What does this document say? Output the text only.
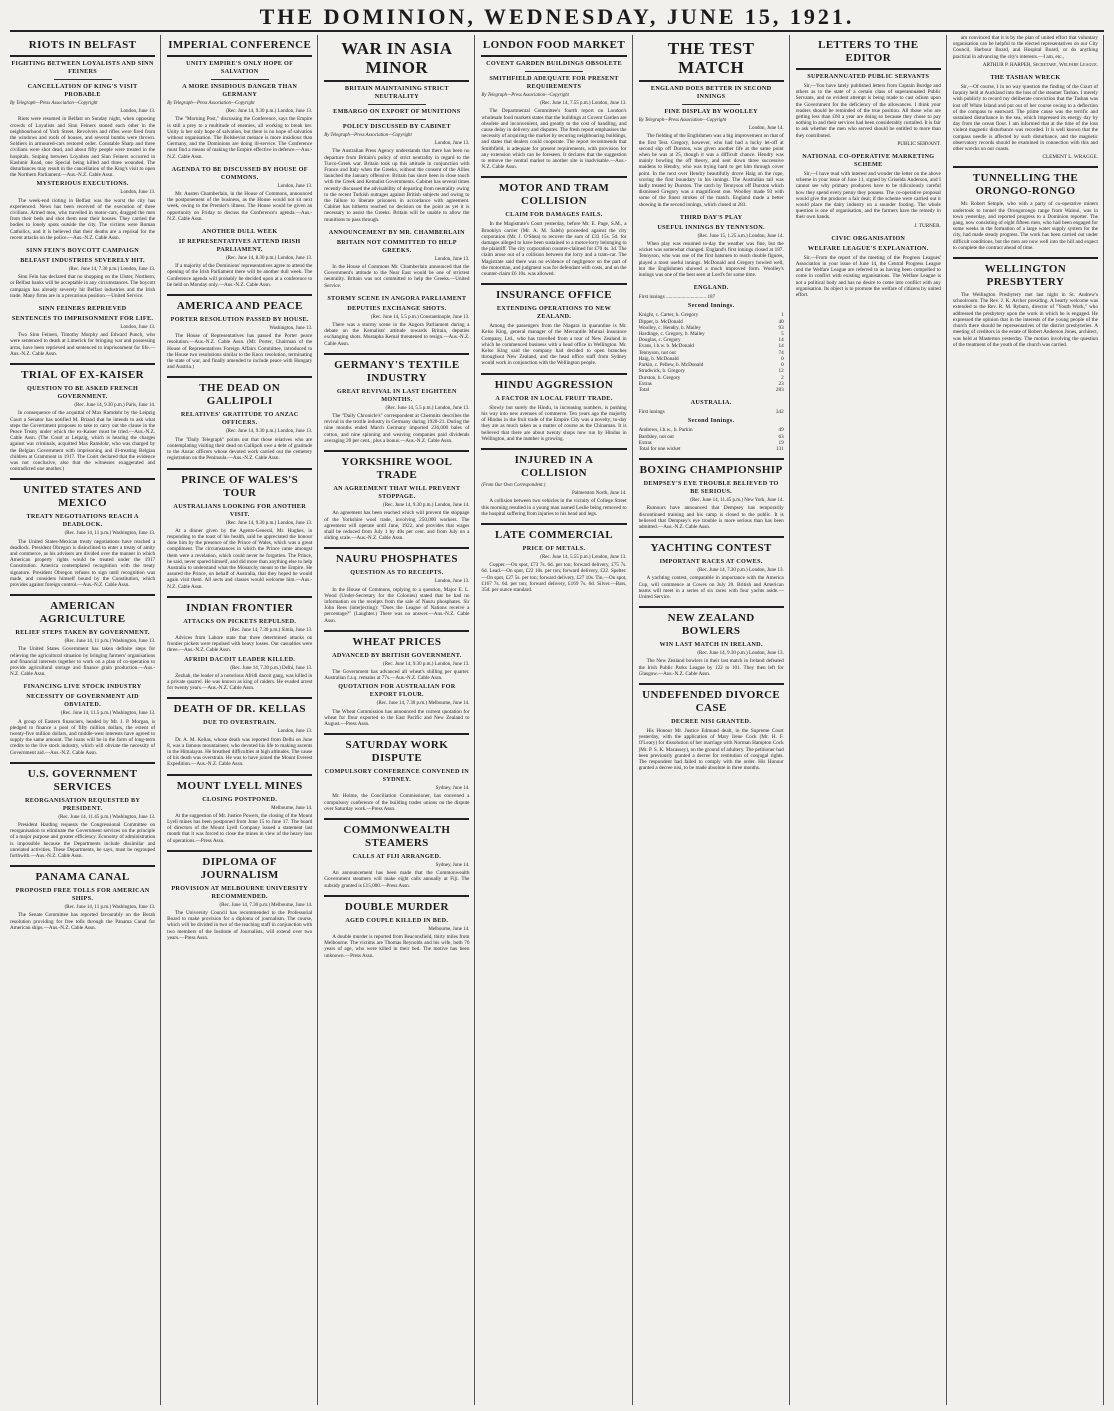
THE DOMINION, WEDNESDAY, JUNE 15, 1921.
RIOTS IN BELFAST
FIGHTING BETWEEN LOYALISTS AND SINN FEINERS
CANCELLATION OF KING'S VISIT PROBABLE
By Telegraph—Press Association—Copyright
London, June 13.

Riots were resumed in Belfast on Sunday night, when opposing crowds of Loyalists and Sinn Feiners stoned each other in the neighbourhood of York Street. Revolvers and rifles were fired from the windows and roofs of houses, and several bombs were thrown. Soldiers in armoured-cars restored order. Constable Sharp and three civilians were shot dead, and about fifty people were treated in the hospitals. Sniping between Loyalists and Sinn Feiners occurred in Kashmir Road, one Special being killed and three wounded. The disturbances may result in the cancellation of the King's visit to open the Northern Parliament.—Aus.-N.Z. Cable Assn.

MYSTERIOUS EXECUTIONS.
London, June 13.

The week-end rioting in Belfast was the worst the city has experienced. News has been received of the execution of three civilians. Armed men, who travelled in motor-cars, dragged the men from their beds and shot them near their houses. They carried the bodies to lonely spots outside the city. The victims were Roman Catholics, and it is believed that their deaths are a reprisal for the recent attacks on the police.—Aus.-N.Z. Cable Assn.

SINN FEIN'S BOYCOTT CAMPAIGN
BELFAST INDUSTRIES SEVERELY HIT.
(Rec. June 14, 7.30 p.m.) London, June 13.

Sinn Fein has declared that no shopping on the Ulster, Northern, or Belfast banks will be acceptable in any circumstances. The boycott campaign has already severely hit Belfast industries and the Irish trade. Many firms are in a precarious position.—United Service.

SINN FEINERS REPRIEVED
SENTENCES TO IMPRISONMENT FOR LIFE.
London, June 13.

Two Sinn Feiners, Timothy Murphy and Edward Punch, who were sentenced to death at Limerick for bringing war and possessing arms, have been reprieved and sentenced to imprisonment for life.—Aus.-N.Z. Cable Assn.

TRIAL OF EX-KAISER
QUESTION TO BE ASKED FRENCH GOVERNMENT.
(Rec. June 14, 9.30 p.m.) Paris, June 14.

In consequence of the acquittal of Max Ramdohr by the Leipzig Court a Senator has notified M. Briand that he intends to ask what steps the Government proposes to take to carry out the clause in the Peace Treaty under which the ex-Kaiser must be tried.—Aus.-N.Z. Cable Assn. (The Court at Leipzig, which is hearing the charges against war criminals, acquitted Max Ramdohr, who was charged by the Belgian Government with imprisoning and ill-treating Belgian children at Grammont in 1917. The Court declared that the evidence was not conclusive, also that the witnesses exaggerated and contradicted one another.)

UNITED STATES AND MEXICO
TREATY NEGOTIATIONS REACH A DEADLOCK.
(Rec. June 14, 11 p.m.) Washington, June 13.

The United States-Mexican treaty negotiations have reached a deadlock. President Obregon is disinclined to enter a treaty of amity and commerce, as his advisers are divided over the manner in which American property rights would be treated under the 1917 Constitution. America contemplated recognition with the treaty signature. President Obregon refuses to sign until recognition was made, and considers himself bound by the Constitution, which provides against foreign control.—Aus.-N.Z. Cable Assn.

AMERICAN AGRICULTURE
RELIEF STEPS TAKEN BY GOVERNMENT.
(Rec. June 14, 11 p.m.) Washington, June 13.

The United States Government has taken definite steps for relieving the agricultural situation by bringing farmers' organisations and financial interests together to work on a plan of co-operation to provide agricultural storage and finance grain production.—Aus.-N.Z. Cable Assn.

FINANCING LIVE STOCK INDUSTRY
NECESSITY OF GOVERNMENT AID OBVIATED.
(Rec. June 14, 11.5 p.m.) Washington, June 13.

A group of Eastern financiers, headed by Mr. J. P. Morgan, is pledged to finance a pool of fifty million dollars, the extent of twenty-five million dollars, and middle-west interests have agreed to supply the same amount. The loans will be in the form of long-term credits to the live stock industry, which will obviate the necessity of Government aid.—Aus.-N.Z. Cable Assn.

U.S. GOVERNMENT SERVICES
REORGANISATION REQUESTED BY PRESIDENT.
(Rec. June 14, 11.45 p.m.) Washington, June 13.

President Harding requests the Congressional Committee on reorganisation to eliminate the Government services on the principle of a major purpose and greater efficiency. Economy of administration is impossible because the Departments include dissimilar and unrelated activities. These Departments, he says, must be regrouped forthwith.—Aus.-N.Z. Cable Assn.

PANAMA CANAL
PROPOSED FREE TOLLS FOR AMERICAN SHIPS.
(Rec. June 14, 11 p.m.) Washington, June 13.

The Senate Committee has reported favourably on the Borah resolution providing for free tolls through the Panama Canal for American ships.—Aus.-N.Z. Cable Assn.

IMPERIAL CONFERENCE
UNITY EMPIRE'S ONLY HOPE OF SALVATION
A MORE INSIDIOUS DANGER THAN GERMANY
By Telegraph—Press Association—Copyright
(Rec. June 14, 9.30 p.m.) London, June 13.

The "Morning Post," discussing the Conference, says the Empire is still a prey to a multitude of enemies, all working to break her. Unity is her only hope of salvation, but there is no hope of salvation without organisation. The Bolshevist menace is more insidious than Germany, and the Dominions are doing ill-service. The Conference must find a means of making the Empire effective in defence.—Aus.-N.Z. Cable Assn.

AGENDA TO BE DISCUSSED BY HOUSE OF COMMONS.
London, June 13.

Mr. Austen Chamberlain, in the House of Commons, announced the postponement of the business, as the House would not sit next week, owing to the Premier's illness. The House would be given an opportunity on Friday to discuss the Conference's agenda.—Aus.-N.Z. Cable Assn.

ANOTHER DULL WEEK
IF REPRESENTATIVES ATTEND IRISH PARLIAMENT.
(Rec. June 14, 8.30 p.m.) London, June 13.

If a majority of the Dominions' representatives agree to attend the opening of the Irish Parliament there will be another dull week. The Conference agenda will probably be decided upon at a conference to be held on Monday only.—Aus.-N.Z. Cable Assn.

AMERICA AND PEACE
PORTER RESOLUTION PASSED BY HOUSE.
Washington, June 13.

The House of Representatives has passed the Porter peace resolution.—Aus.-N.Z. Cable Assn. (Mr. Porter, Chairman of the House of Representatives Foreign Affairs Committee, introduced to the House two resolutions similar to the Knox resolution, terminating the state of war, and finally amended to include peace with Hungary and Austria.)

THE DEAD ON GALLIPOLI
RELATIVES' GRATITUDE TO ANZAC OFFICERS.
(Rec. June 14, 9.30 p.m.) London, June 13.

The "Daily Telegraph" points out that those relatives who are contemplating visiting their dead on Gallipoli owe a debt of gratitude to the Anzac officers whose devoted work carried out the cemetery registration on the Peninsula.—Aus.-N.Z. Cable Assn.

PRINCE OF WALES'S TOUR
AUSTRALIANS LOOKING FOR ANOTHER VISIT.
(Rec. June 14, 9.30 p.m.) London, June 13.

At a dinner given by the Agents-General, Mr. Hughes, in responding to the toast of his health, said he appreciated the honour done him by the presence of the Prince of Wales, which was a great compliment. The circumstances in which the Prince came amongst them were a revelation, which could never be forgotten. The Prince, he said, never spared himself, and did more than anything else to help Australia to understand what the Monarchy meant to the Empire. He assured the Prince, on behalf of Australia, that they hoped he would again visit them. All sects and classes would welcome him.—Aus.-N.Z. Cable Assn.

INDIAN FRONTIER
ATTACKS ON PICKETS REPULSED.
(Rec. June 14, 7.30 p.m.) Simla, June 13.

Advices from Lahore state that three determined attacks on frontier pickets were repulsed with heavy losses. Our casualties were three.—Aus.-N.Z. Cable Assn.

AFRIDI DACOIT LEADER KILLED.
(Rec. June 14, 7.30 p.m.) Delhi, June 13.

Zezhab, the leader of a notorious Afridi dacoit gang, was killed in a private quarrel. He was known as king of raiders. He evaded arrest for twenty years.—Aus.-N.Z. Cable Assn.

DEATH OF DR. KELLAS
DUE TO OVERSTRAIN.
London, June 13.

Dr. A. M. Kellas, whose death was reported from Delhi on June 8, was a famous mountaineer, who devoted his life to making ascents in the Himalayas. He breathed difficulties at high altitudes. The cause of his death was overstrain. He was to have joined the Mount Everest Expedition.—Aus.-N.Z. Cable Assn.

MOUNT LYELL MINES
CLOSING POSTPONED.
Melbourne, June 14.

At the suggestion of Mr. Justice Powers, the closing of the Mount Lyell mines has been postponed from June 15 to June 17. The board of directors of the Mount Lyell Company issued a statement last month that it was forced to close the mines in view of the heavy loss of operations.—Press Assn.

DIPLOMA OF JOURNALISM
PROVISION AT MELBOURNE UNIVERSITY RECOMMENDED.
(Rec. June 14, 7.30 p.m.) Melbourne, June 14.

The University Council has recommended to the Professorial Board to make provision for a diploma of journalism. The course, which will be divided in two of the teaching staff in conjunction with two members of the Institute of Journalists, will extend over two years.—Press Assn.

WAR IN ASIA MINOR
BRITAIN MAINTAINING STRICT NEUTRALITY
EMBARGO ON EXPORT OF MUNITIONS
POLICY DISCUSSED BY CABINET
By Telegraph—Press Association—Copyright
London, June 13.

The Australian Press Agency understands that there has been no departure from Britain's policy of strict neutrality in regard to the Turco-Greek war. Britain took up this attitude in conjunction with France and Italy when the Greeks, without the consent of the Allies launched the January offensive. Britain has since been in close touch with the Greek and Kemalist Governments. Cabinet has several times recently discussed the advisability of departing from neutrality owing to the recent Turkish outrages against British subjects and owing to the failure to liberate prisoners in accordance with agreement. Cabinet has hitherto reached no decision on the point as yet it is necessary to assist the Greeks. Britain will be unable to allow the munitions to pass through.

ANNOUNCEMENT BY MR. CHAMBERLAIN
BRITAIN NOT COMMITTED TO HELP GREEKS.
London, June 13.

In the House of Commons Mr. Chamberlain announced that the Government's attitude to the Near East would be one of strictest neutrality. Britain was not committed to help the Greeks.—United Service.

STORMY SCENE IN ANGORA PARLIAMENT
DEPUTIES EXCHANGE SHOTS.
(Rec. June 14, 5.5 p.m.) Constantinople, June 13.

There was a stormy scene in the Angora Parliament during a debate on the Kemalists' attitude towards Britain, deputies exchanging shots. Mustapha Kemal threatened to resign.—Aus.-N.Z. Cable Assn.

GERMANY'S TEXTILE INDUSTRY
GREAT REVIVAL IN LAST EIGHTEEN MONTHS.
(Rec. June 14, 5.5 p.m.) London, June 13.

The "Daily Chronicle's" correspondent at Chemnitz describes the revival in the textile industry in Germany during 1920-21. During the nine months ended March Germany imported 236,000 bales of cotton, and nine spinning and weaving companies paid dividends averaging 20 per cent., plus a bonus.—Aus.-N.Z. Cable Assn.

YORKSHIRE WOOL TRADE
AN AGREEMENT THAT WILL PREVENT STOPPAGE.
(Rec. June 14, 9.30 p.m.) London, June 14.

An agreement has been reached which will prevent the stoppage of the Yorkshire wool trade, involving 250,000 workers. The agreement will operate until June, 1922, and provides that wages shall be reduced from July 1 by 40s per cent. and from July on a sliding scale.—Aus.-N.Z. Cable Assn.

NAURU PHOSPHATES
QUESTION AS TO RECEIPTS.
London, June 13.

In the House of Commons, replying to a question, Major E. L. Wood (Under-Secretary for the Colonies) stated that he had no information on the receipts from the sale of Nauru phosphates. Sir John Rees (interjecting): "Does the League of Nations receive a percentage?" (Laughter.) There was no answer.—Aus.-N.Z. Cable Assn.

WHEAT PRICES
ADVANCED BY BRITISH GOVERNMENT.
(Rec. June 14, 9.30 p.m.) London, June 13.

The Government has advanced all wheat's shilling per quarter. Australian f.a.q. remains at 77s.—Aus.-N.Z. Cable Assn.

QUOTATION FOR AUSTRALIAN FOR EXPORT FLOUR.
(Rec. June 14, 7.30 p.m.) Melbourne, June 14.

The Wheat Commission has announced the current quotation for wheat for flour exported to the East Pacific and New Zealand to August.—Press Assn.

SATURDAY WORK DISPUTE
COMPULSORY CONFERENCE CONVENED IN SYDNEY.
Sydney, June 14.

Mr. Holme, the Conciliation Commissioner, has convened a compulsory conference of the building trades unions on the dispute over Saturday work.—Press Assn.

COMMONWEALTH STEAMERS
CALLS AT FIJI ARRANGED.
Sydney, June 14.

An announcement has been made that the Commonwealth Government steamers will make eight calls annually at Fiji. The subsidy granted is £15,000.—Press Assn.

DOUBLE MURDER
AGED COUPLE KILLED IN BED.
Melbourne, June 14.

A double murder is reported from Beaconsfield, thirty miles from Melbourne. The victims are Thomas Reynolds and his wife, both 70 years of age, who were killed in their bed. The motive has been unknown.—Press Assn.

LONDON FOOD MARKET
COVENT GARDEN BUILDINGS OBSOLETE
SMITHFIELD ADEQUATE FOR PRESENT REQUIREMENTS
By Telegraph—Press Association—Copyright
(Rec. June 14, 7.55 p.m.) London, June 13.

The Departmental Committee's fourth report on London's wholesale food markets states that the buildings at Covent Garden are obsolete and inconvenient, and greatly to the cost of handling, and cause delay in delivery and disputes. The fresh report emphasises the necessity of acquiring the market by securing neighbouring buildings, and states that dealers could cooperate. The report recommends that Smithfield, is adequate for present requirements, with provision for any extension which can be foreseen. It declares that the suggestion to remove the central market to another site is inadvisable.—Aus.-N.Z. Cable Assn.

MOTOR AND TRAM COLLISION
CLAIM FOR DAMAGES FAILS.

In the Magistrate's Court yesterday, before Mr. E. Page, S.M., a Brooklyn carrier (Mr. A. M. Saleh) proceeded against the city corporation (Mr. J. O'Shea) to recover the sum of £33 15s. 5d. for damages alleged to have been sustained to a motor-lorry belonging to the plaintiff. The city corporation counter-claimed for £70 4s. 3d. The claim arose out of a collision between the lorry and a tram-car. The Magistrate said there was no evidence of negligence on the part of the motorman, and judgment was for defendant with costs, and on the counter-claim £6 10s. was allowed.

INSURANCE OFFICE
EXTENDING OPERATIONS TO NEW ZEALAND.

Among the passengers from the Niagara in quarantine is Mr. Kelso King, general manager of the Mercantile Mutual Insurance Company, Ltd., who has travelled from a tour of New Zealand in which he commenced business with a head office in Wellington. Mr. Kelso King said the company had decided to open branches throughout New Zealand, and the head office staff from Sydney would work in conjunction with the Wellington people.

HINDU AGGRESSION
A FACTOR IN LOCAL FRUIT TRADE.

Slowly but surely the Hindu, in increasing numbers, is pushing his way into new avenues of commerce. Ten years ago the majority of Hindus in the fruit trade of the Empire City was a novelty; to-day they are as much taken as a matter of course as the Chinaman. It is believed that there are about twenty shops now run by Hindus in Wellington, and the number is growing.

INJURED IN A COLLISION
(From Our Own Correspondent.)
Palmerston North, June 14.

A collision between two vehicles in the vicinity of College Street this morning resulted in a young man named Leslie being removed to the hospital suffering from injuries to his head and legs.

LATE COMMERCIAL
PRICE OF METALS.
(Rec. June 14, 5.55 p.m.) London, June 13.

Copper.—On spot, £73 7s. 6d. per ton; forward delivery, £75 7s. 6d. Lead.—On spot, £22 10s. per ton; forward delivery, £22. Spelter.—On spot, £27 5s. per ton; forward delivery, £27 10s. Tin.—On spot, £167 7s. 6d. per ton; forward delivery, £169 7s. 6d. Silver.—Bars, 35d. per ounce standard.

THE TEST MATCH
ENGLAND DOES BETTER IN SECOND INNINGS
FINE DISPLAY BY WOOLLEY
By Telegraph—Press Association—Copyright
London, June 14.

The fielding of the Englishmen was a big improvement on that of the first Test. Gregory, however, who had had a lucky let-off at second slip off Durston, was given another life at the same point when he was at 25, though it was a difficult chance. Hendry was mainly bowling the off theory, and sent down three successive maidens to Hendry, who was trying hard to get him through cover point. In the next over Hendry beautifully drove Haig on the rope, scoring the first boundary in his innings. The Australian tail was badly treated by Durston. The catch by Tennyson off Durston which dismissed Gregory was a magnificent one. Woolley made 93 with some of the finest strokes of the match. England made a better showing in the second innings, which closed at 283.

THIRD DAY'S PLAY
USEFUL INNINGS BY TENNYSON.
(Rec. June 15, 1.25 a.m.) London, June 14.

When play was resumed to-day the weather was fine, but the wicket was somewhat changed. England's first innings closed at 187. Tennyson, who was one of the first batsmen to reach double figures, played a most useful innings. McDonald and Gregory bowled well, but the Englishmen showed a much improved form. Woolley's innings was one of the best seen at Lord's for some time.

ENGLAND.
First innings ............................... 187
Second Innings.
Knight, c. Carter, b. Gregory	1
Dipper, b. McDonald	40
Woolley, c. Hendry, b. Mailey	93
Hardinge, c. Gregory, b. Mailey	5
Douglas, c. Gregory	14
Evans, l.b.w. b. McDonald	14
Tennyson, not out	74
Haig, b. McDonald	0
Parkin, c. Pellew, b. McDonald	0
Strudwick, b. Gregory	12
Durston, b. Gregory	2
Extras	23
Total	283
AUSTRALIA.
First innings	342
Second Innings.
Andrews, l.b.w., b. Parkin	49
Bardsley, not out	63
Extras	19
Total for one wicket	131
BOXING CHAMPIONSHIP
DEMPSEY'S EYE TROUBLE BELIEVED TO BE SERIOUS.
(Rec. June 14, 11.45 p.m.) New York, June 14.

Rumours have announced that Dempsey has temporarily discontinued training and his camp is closed to the public. It is believed that Dempsey's eye trouble is more serious than has been admitted.—Aus.-N.Z. Cable Assn.

YACHTING CONTEST
IMPORTANT RACES AT COWES.
(Rec. June 14, 7.30 p.m.) London, June 13.

A yachting contest, comparable in importance with the America Cup, will commence at Cowes on July 20. British and American teams will meet in a series of six races with four yachts aside.—United Service.

NEW ZEALAND BOWLERS
WIN LAST MATCH IN IRELAND.
(Rec. June 14, 9.30 p.m.) London, June 13.

The New Zealand bowlers in their last match in Ireland defeated the Irish Public Parks League by 122 to 101. They then left for Glasgow.—Aus.-N.Z. Cable Assn.

UNDEFENDED DIVORCE CASE
DECREE NISI GRANTED.

His Honour Mr. Justice Edmund dealt, in the Supreme Court yesterday, with the application of Mary Irene Cock (Mr. H. F. O'Leary) for dissolution of her marriage with Norman Hampton Cock (Mr. P. S. K. Macassey), on the ground of adultery. The petitioner had been previously granted a decree for restitution of conjugal rights. The respondent had failed to comply with the order. His Honour granted a decree nisi, to be made absolute in three months.

LETTERS TO THE EDITOR
SUPERANNUATED PUBLIC SERVANTS

Sir,—You have lately published letters from Captain Burdge and others as to the state of a certain class of superannuated Public Servants, and no evident attempt is being made to cast odium upon the Government for the deficiency of the allowances. I think your readers should be reminded of the true position. All those who are getting less than £60 a year are doing so because they chose to pay nothing in and their services had been considerably curtailed. It is fair to ask whether the men who served should be entitled to more than they contributed.

PUBLIC SERVANT.
NATIONAL CO-OPERATIVE MARKETING SCHEME

Sir,—I have read with interest and wonder the letter on the above scheme in your issue of June 11, signed by Griselda Anderson, and I cannot see why primary producers have to be ridiculously careful how they spend every penny they possess. The co-operative proposal would give the producer a fair deal; if the scheme were carried out it would place the dairy industry on a sounder footing. The whole question is one of organisation, and the farmers have the remedy in their own hands.

J. TURNER.
CIVIC ORGANISATION
WELFARE LEAGUE'S EXPLANATION.

Sir,—From the report of the meeting of the Progress Leagues' Association in your issue of June 14, the Central Progress League and the Welfare League are referred to as having been compelled to come in conflict with existing organisations. The Welfare League is not a political body and has no desire to come into conflict with any organisation. Its object is to promote the welfare of citizens by united effort.

am convinced that it is by the plan of united effort that voluntary organisation can be helpful to the elected representatives on our City Council, Harbour Board, and Hospital Board, or do anything practical in advancing the city's interests.—I am, etc.,

ARTHUR P. HARPER, Secretary, Welfare League.
THE TASHAN WRECK

Sir,—Of course, I in no way question the finding of the Court of Inquiry held at Auckland into the loss of the steamer Tashan. I merely wish publicly to record my deliberate conviction that the Tashan was lost off White Island and put out of her course owing to a deflection of the compass to eastward. The prime cause was the terrific and sustained disturbance in the sea, which impressed its energy day by day from the ocean floor. I am informed that at the time of the loss violent magnetic disturbance was recorded. It is well known that the compass needle is affected by such disturbance, and the magnetic observatory records should be examined in connection with this and other wrecks on our coasts.

CLEMENT L. WRAGGE.
TUNNELLING THE ORONGO-RONGO

Mr. Robert Semple, who with a party of co-operative miners undertook to tunnel the Orongorongo range from Wainui, was in town yesterday, and reported progress to a Dominion reporter. The gang, now consisting of eight fifteen men, who had been engaged for some weeks in the formation of a large water supply system for the city, had made steady progress. The work has been carried out under difficult conditions, but the men are now well into the hill and expect to complete the contract ahead of time.

WELLINGTON PRESBYTERY

The Wellington Presbytery met last night in St. Andrew's schoolroom. The Rev. J. K. Archer presiding. A hearty welcome was extended to the Rev. R. M. Ryburn, director of "Youth Work," who addressed the presbytery upon the work in which he is engaged. He expressed the opinion that in the interests of the young people of the church there should be representatives of the district presbyteries. A meeting of creditors in the estate of Robert Anderson Jones, architect, was held at Masterton yesterday. The motion involving the question of the treatment of the youth of the church was carried.
